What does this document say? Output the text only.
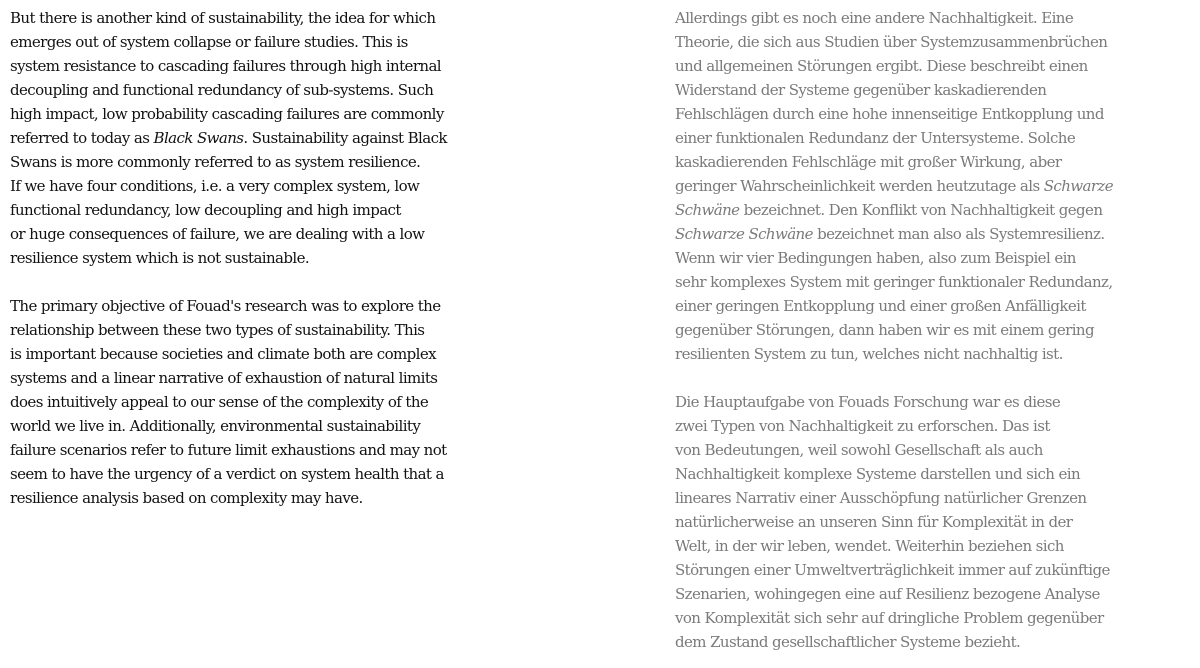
But there is another kind of sustainability, the idea for which
emerges out of system collapse or failure studies. This is
system resistance to cascading failures through high internal
decoupling and functional redundancy of sub-systems. Such
high impact, low probability cascading failures are commonly
referred to today as Black Swans. Sustainability against Black
Swans is more commonly referred to as system resilience.
If we have four conditions, i.e. a very complex system, low
functional redundancy, low decoupling and high impact
or huge consequences of failure, we are dealing with a low
resilience system which is not sustainable.
The primary objective of Fouad's research was to explore the
relationship between these two types of sustainability. This
is important because societies and climate both are complex
systems and a linear narrative of exhaustion of natural limits
does intuitively appeal to our sense of the complexity of the
world we live in. Additionally, environmental sustainability
failure scenarios refer to future limit exhaustions and may not
seem to have the urgency of a verdict on system health that a
resilience analysis based on complexity may have.
Allerdings gibt es noch eine andere Nachhaltigkeit. Eine
Theorie, die sich aus Studien über Systemzusammenbrüchen
und allgemeinen Störungen ergibt. Diese beschreibt einen
Widerstand der Systeme gegenüber kaskadierenden
Fehlschlägen durch eine hohe innenseitige Entkopplung und
einer funktionalen Redundanz der Untersysteme. Solche
kaskadierenden Fehlschläge mit großer Wirkung, aber
geringer Wahrscheinlichkeit werden heutzutage als Schwarze
Schwäne bezeichnet. Den Konflikt von Nachhaltigkeit gegen
Schwarze Schwäne bezeichnet man also als Systemresilienz.
Wenn wir vier Bedingungen haben, also zum Beispiel ein
sehr komplexes System mit geringer funktionaler Redundanz,
einer geringen Entkopplung und einer großen Anfälligkeit
gegenüber Störungen, dann haben wir es mit einem gering
resilienten System zu tun, welches nicht nachhaltig ist.
Die Hauptaufgabe von Fouads Forschung war es diese
zwei Typen von Nachhaltigkeit zu erforschen. Das ist
von Bedeutungen, weil sowohl Gesellschaft als auch
Nachhaltigkeit komplexe Systeme darstellen und sich ein
lineares Narrativ einer Ausschöpfung natürlicher Grenzen
natürlicherweise an unseren Sinn für Komplexität in der
Welt, in der wir leben, wendet. Weiterhin beziehen sich
Störungen einer Umweltverträglichkeit immer auf zukünftige
Szenarien, wohingegen eine auf Resilienz bezogene Analyse
von Komplexität sich sehr auf dringliche Problem gegenüber
dem Zustand gesellschaftlicher Systeme bezieht.
